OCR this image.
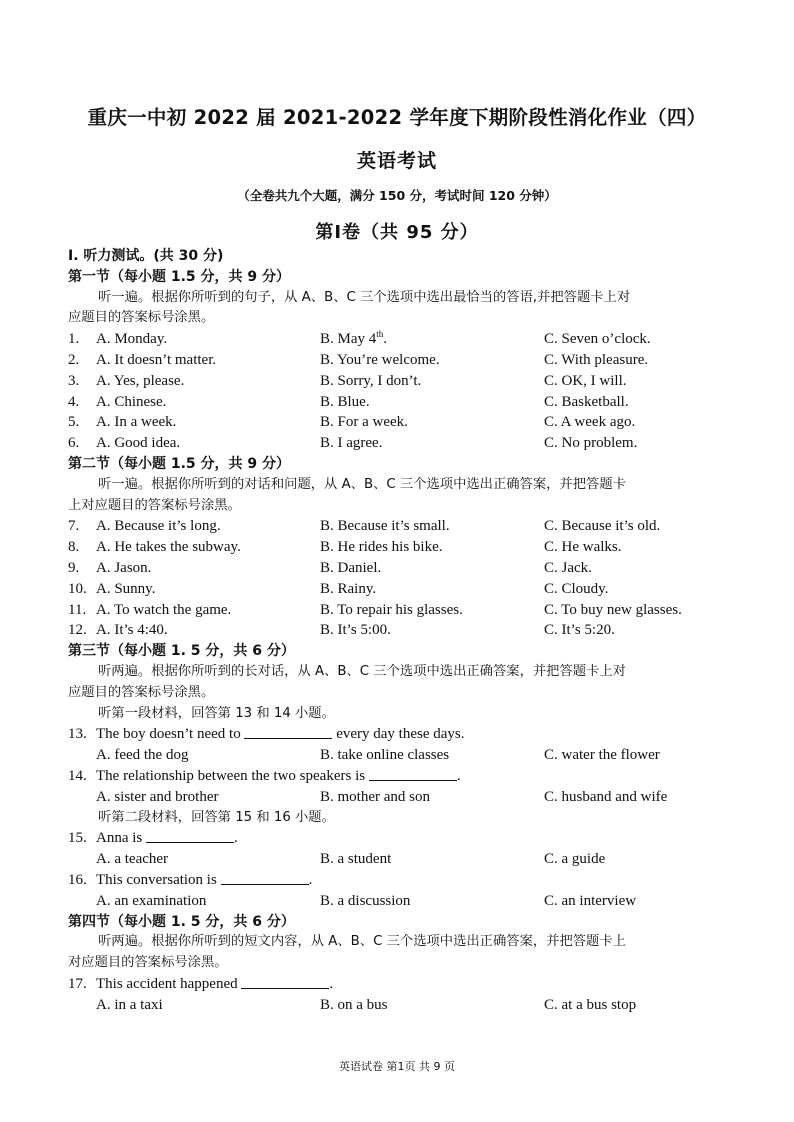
重庆一中初 2022 届 2021-2022 学年度下期阶段性消化作业（四）
英语考试
（全卷共九个大题，满分 150 分，考试时间 120 分钟）
第Ⅰ卷（共 95 分）
I. 听力测试。(共 30 分)
第一节（每小题 1.5 分，共 9 分）
听一遍。根据你所听到的句子，从 A、B、C 三个选项中选出最恰当的答语,并把答题卡上对
应题目的答案标号涂黑。
1.	A. Monday.	B. May 4th.	C. Seven o’clock.
2.	A. It doesn’t matter.	B. You’re welcome.	C. With pleasure.
3.	A. Yes, please.	B. Sorry, I don’t.	C. OK, I will.
4.	A. Chinese.	B. Blue.	C. Basketball.
5.	A. In a week.	B. For a week.	C. A week ago.
6.	A. Good idea.	B. I agree.	C. No problem.
第二节（每小题 1.5 分，共 9 分）
听一遍。根据你所听到的对话和问题，从 A、B、C 三个选项中选出正确答案，并把答题卡
上对应题目的答案标号涂黑。
7.	A. Because it’s long.	B. Because it’s small.	C. Because it’s old.
8.	A. He takes the subway.	B. He rides his bike.	C. He walks.
9.	A. Jason.	B. Daniel.	C. Jack.
10. A. Sunny.	B. Rainy.	C. Cloudy.
11. A. To watch the game.	B. To repair his glasses.	C. To buy new glasses.
12. A. It’s 4:40.	B. It’s 5:00.	C. It’s 5:20.
第三节（每小题 1. 5 分，共 6 分）
听两遍。根据你所听到的长对话，从 A、B、C 三个选项中选出正确答案，并把答题卡上对
应题目的答案标号涂黑。
听第一段材料，回答第 13 和 14 小题。
13. The boy doesn’t need to	every day these days.
A. feed the dog	B. take online classes	C. water the flower
14. The relationship between the two speakers is	.
A. sister and brother	B. mother and son	C. husband and wife
听第二段材料，回答第 15 和 16 小题。
15. Anna is	.
A. a teacher	B. a student	C. a guide
16. This conversation is	.
A. an examination	B. a discussion	C. an interview
第四节（每小题 1. 5 分，共 6 分）
听两遍。根据你所听到的短文内容，从 A、B、C 三个选项中选出正确答案，并把答题卡上
对应题目的答案标号涂黑。
17. This accident happened	.
A. in a taxi	B. on a bus	C. at a bus stop
英语试卷 第1页 共 9 页
